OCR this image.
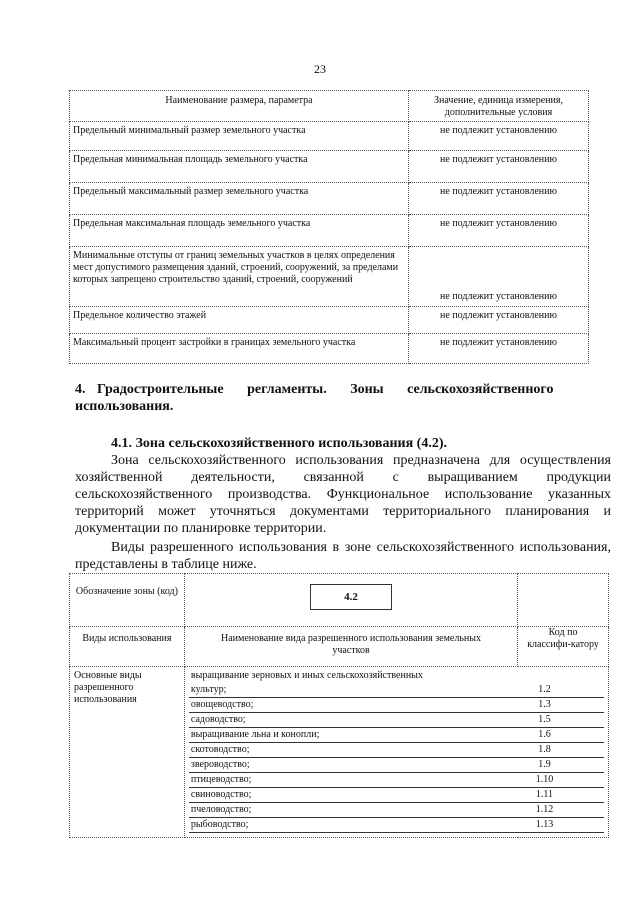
23
Наименование размера, параметра	Значение, единица измерения, дополнительные условия
Предельный минимальный размер земельного участка	не подлежит установлению
Предельная минимальная площадь земельного участка	не подлежит установлению
Предельный максимальный размер земельного участка	не подлежит установлению
Предельная максимальная площадь земельного участка	не подлежит установлению
Минимальные отступы от границ земельных участков в целях определения мест допустимого размещения зданий, строений, сооружений, за пределами которых запрещено строительство зданий, строений, сооружений	не подлежит установлению
Предельное количество этажей	не подлежит установлению
Максимальный процент застройки в границах земельного участка	не подлежит установлению
4. Градостроительные регламенты. Зоны сельскохозяйственного
использования.
4.1. Зона сельскохозяйственного использования (4.2).
Зона сельскохозяйственного использования предназначена для осуществления хозяйственной деятельности, связанной с выращиванием продукции сельскохозяйственного производства. Функциональное использование указанных территорий может уточняться документами территориального планирования и документации по планировке территории.
Виды разрешенного использования в зоне сельскохозяйственного использования, представлены в таблице ниже.
Обозначение зоны (код)	4.2

Виды использования	Наименование вида разрешенного использования земельных участков	Код по классифи-катору
Основные виды разрешенного использования	
выращивание зерновых и иных сельскохозяйственных	
культур;	1.2
овощеводство;	1.3
садоводство;	1.5
выращивание льна и конопли;	1.6
скотоводство;	1.8
звероводство;	1.9
птицеводство;	1.10
свиноводство;	1.11
пчеловодство;	1.12
рыбоводство;	1.13
